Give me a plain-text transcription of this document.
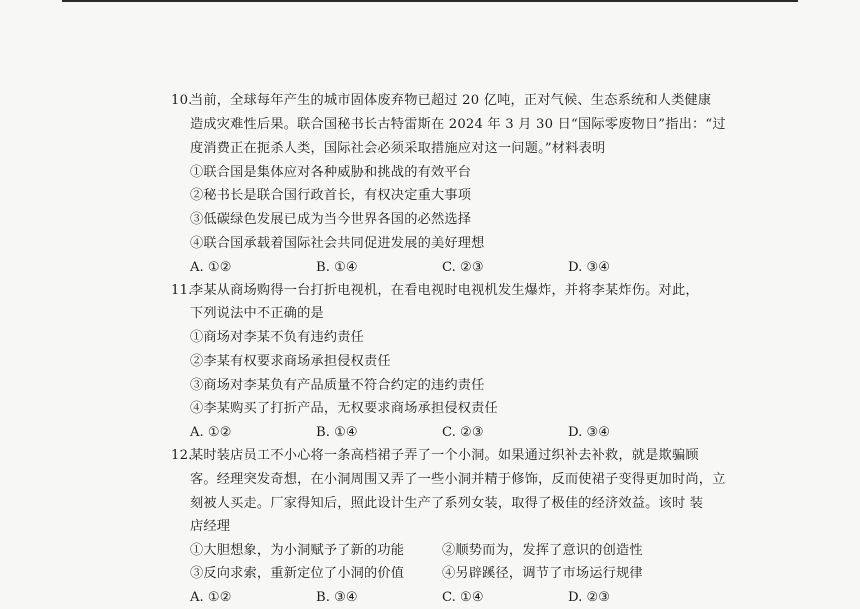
10.
当前，全球每年产生的城市固体废弃物已超过 20 亿吨，正对气候、生态系统和人类健康
造成灾难性后果。联合国秘书长古特雷斯在 2024 年 3 月 30 日“国际零废物日”指出：“过
度消费正在扼杀人类，国际社会必须采取措施应对这一问题。”材料表明
①联合国是集体应对各种威胁和挑战的有效平台
②秘书长是联合国行政首长，有权决定重大事项
③低碳绿色发展已成为当今世界各国的必然选择
④联合国承载着国际社会共同促进发展的美好理想
A. ①②	B. ①④	C. ②③	D. ③④
11.
李某从商场购得一台打折电视机，在看电视时电视机发生爆炸，并将李某炸伤。对此，
下列说法中不正确的是
①商场对李某不负有违约责任
②李某有权要求商场承担侵权责任
③商场对李某负有产品质量不符合约定的违约责任
④李某购买了打折产品，无权要求商场承担侵权责任
A. ①②	B. ①④	C. ②③	D. ③④
12.
某时装店员工不小心将一条高档裙子弄了一个小洞。如果通过织补去补救，就是欺骗顾
客。经理突发奇想，在小洞周围又弄了一些小洞并精于修饰，反而使裙子变得更加时尚，立
刻被人买走。厂家得知后，照此设计生产了系列女装，取得了极佳的经济效益。该时 装
店经理
①大胆想象，为小洞赋予了新的功能	②顺势而为，发挥了意识的创造性
③反向求索，重新定位了小洞的价值	④另辟蹊径，调节了市场运行规律
A. ①②	B. ③④	C. ①④	D. ②③
